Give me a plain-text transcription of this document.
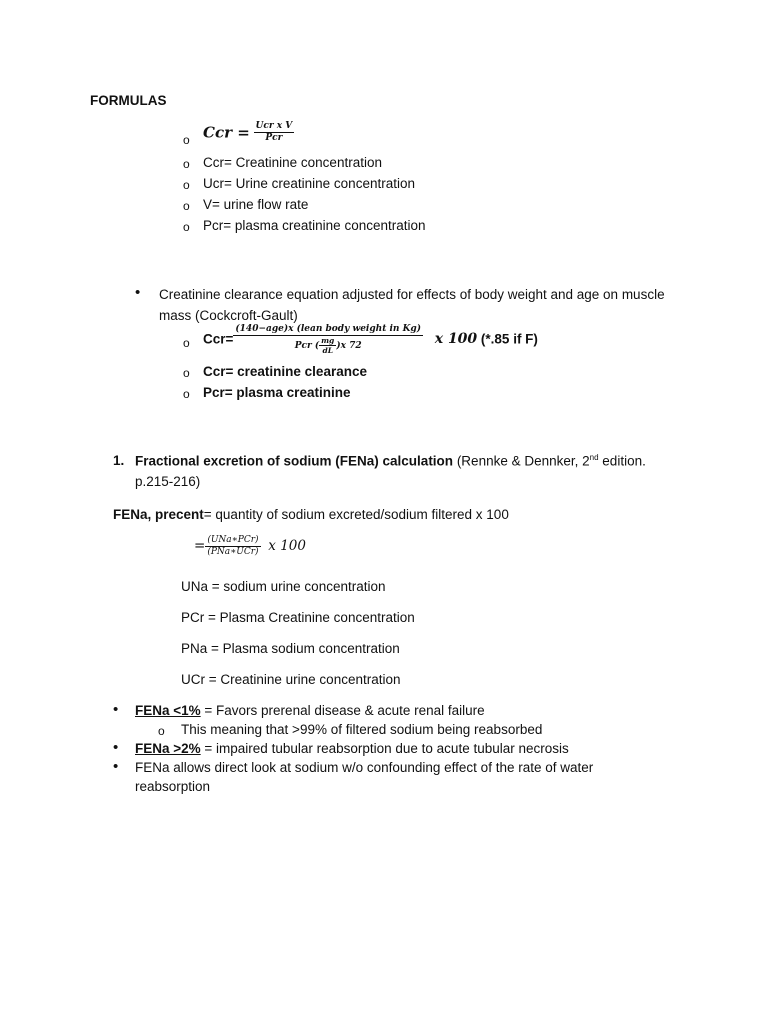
FORMULAS
o Ccr = $\frac{\text{Ucr x V}}{\text{Pcr}}$
o Ccr= Creatinine concentration
o Ucr= Urine creatinine concentration
o V= urine flow rate
o Pcr= plasma creatinine concentration
• Creatinine clearance equation adjusted for effects of body weight and age on muscle
mass (Cockcroft-Gault)
o $Ccr= \frac{\text{(140−age)x (lean body weight in Kg)}}{Pcr ( \frac{mg}{dL} )x 72}$ x 100 (*.85 if F)
o Ccr= creatinine clearance
o Pcr= plasma creatinine
1. Fractional excretion of sodium (FENa) calculation (Rennke & Dennker, 2nd edition.
p.215-216)
FENa, precent= quantity of sodium excreted/sodium filtered x 100
= $\frac{\text{(UNa∗PCr)}}{\text{(PNa∗UCr)}}$ x 100
UNa = sodium urine concentration
PCr = Plasma Creatinine concentration
PNa = Plasma sodium concentration
UCr = Creatinine urine concentration
• FENa <1% = Favors prerenal disease & acute renal failure
o This meaning that >99% of filtered sodium being reabsorbed
• FENa >2% = impaired tubular reabsorption due to acute tubular necrosis
• FENa allows direct look at sodium w/o confounding effect of the rate of water
reabsorption
